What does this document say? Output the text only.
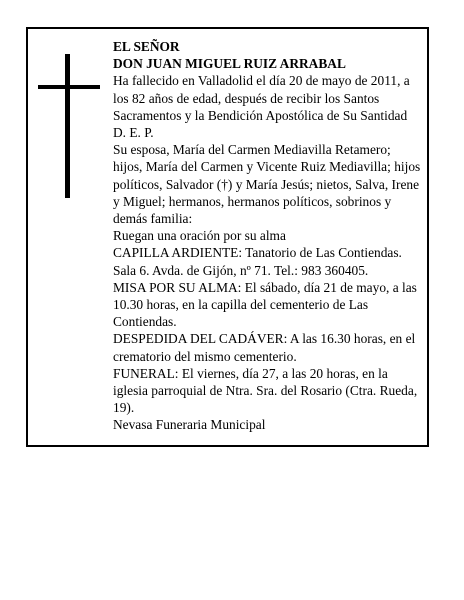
EL SEÑOR

DON JUAN MIGUEL RUIZ ARRABAL

Ha fallecido en Valladolid el día 20 de mayo de 2011, a los 82 años de edad, después de recibir los Santos Sacramentos y la Bendición Apostólica de Su Santidad D. E. P.

Su esposa, María del Carmen Mediavilla Retamero; hijos, María del Carmen y Vicente Ruiz Mediavilla; hijos políticos, Salvador (†) y María Jesús; nietos, Salva, Irene y Miguel; hermanos, hermanos políticos, sobrinos y demás familia:

Ruegan una oración por su alma

CAPILLA ARDIENTE: Tanatorio de Las Contiendas. Sala 6. Avda. de Gijón, nº 71. Tel.: 983 360405.

MISA POR SU ALMA: El sábado, día 21 de mayo, a las 10.30 horas, en la capilla del cementerio de Las Contiendas.

DESPEDIDA DEL CADÁVER: A las 16.30 horas, en el crematorio del mismo cementerio.

FUNERAL: El viernes, día 27, a las 20 horas, en la iglesia parroquial de Ntra. Sra. del Rosario (Ctra. Rueda, 19).

Nevasa Funeraria Municipal
